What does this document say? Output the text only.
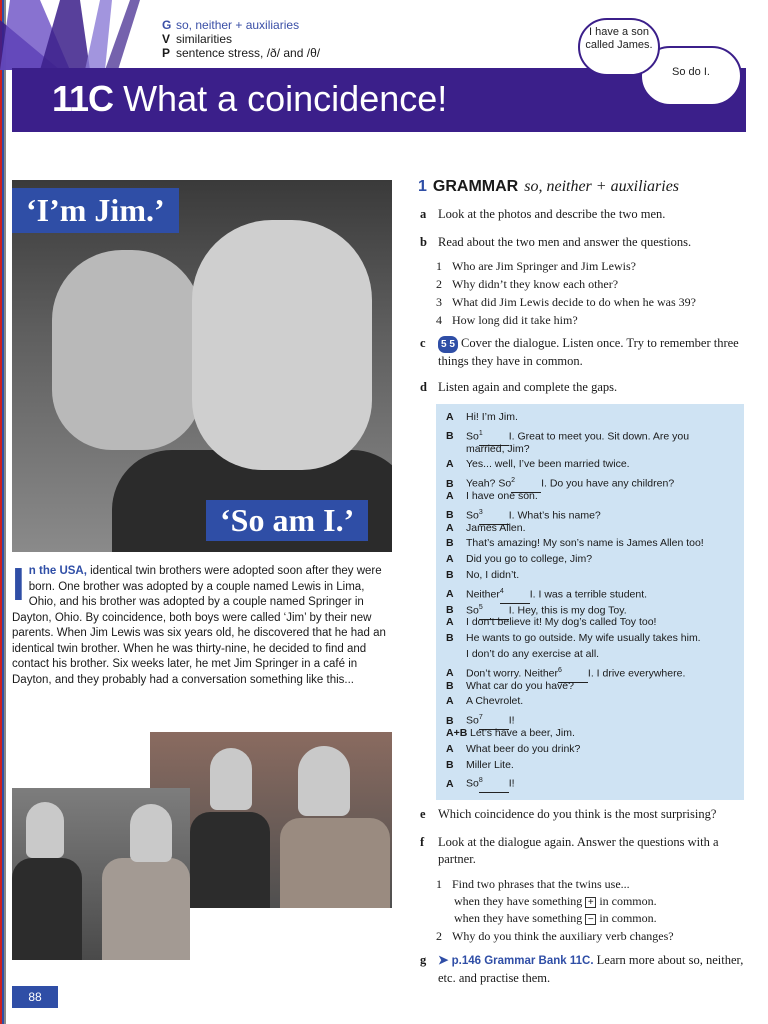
G so, neither + auxiliaries
V similarities
P sentence stress, /ð/ and /θ/
11C What a coincidence!
So do I.
I have a son called James.
‘I’m Jim.’
‘So am I.’

In the USA, identical twin brothers were adopted soon after they were born. One brother was adopted by a couple named Lewis in Lima, Ohio, and his brother was adopted by a couple named Springer in Dayton, Ohio. By coincidence, both boys were called ‘Jim’ by their new parents. When Jim Lewis was six years old, he discovered that he had an identical twin brother. When he was thirty-nine, he decided to find and contact his brother. Six weeks later, he met Jim Springer in a café in Dayton, and they probably had a conversation something like this...

1 GRAMMAR so, neither + auxiliaries
a Look at the photos and describe the two men.
b Read about the two men and answer the questions.
1 Who are Jim Springer and Jim Lewis?
2 Why didn’t they know each other?
3 What did Jim Lewis decide to do when he was 39?
4 How long did it take him?
c	5 5 Cover the dialogue. Listen once. Try to remember three things they have in common.
d Listen again and complete the gaps.
A Hi! I’m Jim.
B So$^1$ I. Great to meet you. Sit down. Are you
married, Jim?
A Yes... well, I’ve been married twice.
B Yeah? So$^2$ I. Do you have any children?
A I have one son.
B So$^3$ I. What’s his name?
A James Allen.
B That’s amazing! My son’s name is James Allen too!
A Did you go to college, Jim?
B No, I didn’t.
A Neither$^4$ I. I was a terrible student.
B So$^5$ I. Hey, this is my dog Toy.
A I don’t believe it! My dog’s called Toy too!
B He wants to go outside. My wife usually takes him.
I don’t do any exercise at all.
A Don’t worry. Neither$^6$ I. I drive everywhere.
B What car do you have?
A A Chevrolet.
B So$^7$ I!
A+B Let’s have a beer, Jim.
A What beer do you drink?
B Miller Lite.
A So$^8$ I!
e Which coincidence do you think is the most surprising?
f Look at the dialogue again. Answer the questions with a partner.
1 Find two phrases that the twins use...
when they have something + in common.
when they have something − in common.
2 Why do you think the auxiliary verb changes?
g ➤ p.146 Grammar Bank 11C. Learn more about so, neither, etc. and practise them.
88
